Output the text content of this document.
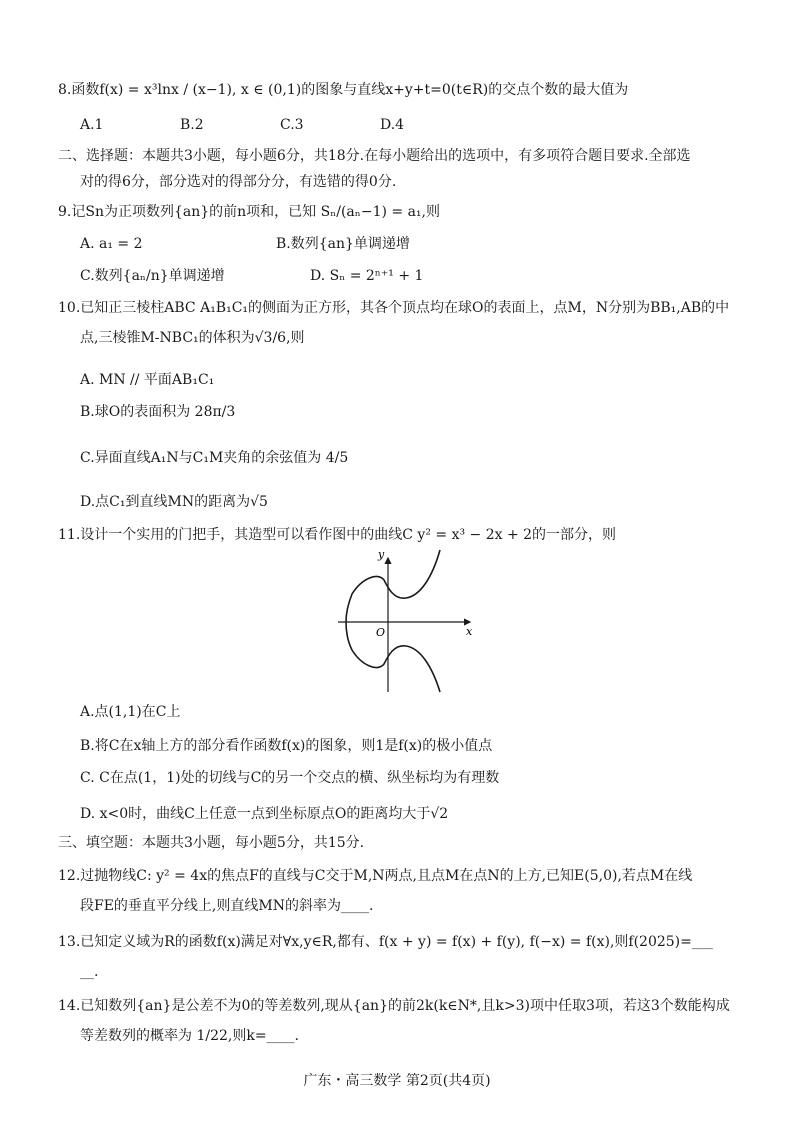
8.函数f(x) = x³lnx / (x−1), x ∈ (0,1)的图象与直线x+y+t=0(t∈R)的交点个数的最大值为
A.1	B.2	C.3	D.4
二、选择题：本题共3小题，每小题6分，共18分.在每小题给出的选项中，有多项符合题目要求.全部选
对的得6分，部分选对的得部分分，有选错的得0分.
9.记Sn为正项数列{an}的前n项和，已知 Sₙ/(aₙ−1) = a₁,则
A. a₁ = 2	B.数列{an}单调递增
C.数列{aₙ/n}单调递增	D. Sₙ = 2ⁿ⁺¹ + 1
10.已知正三棱柱ABC A₁B₁C₁的侧面为正方形，其各个顶点均在球O的表面上，点M，N分别为BB₁,AB的中
点,三棱锥M-NBC₁的体积为√3/6,则
A. MN // 平面AB₁C₁
B.球O的表面积为 28π/3
C.异面直线A₁N与C₁M夹角的余弦值为 4/5
D.点C₁到直线MN的距离为√5
11.设计一个实用的门把手，其造型可以看作图中的曲线C y² = x³ − 2x + 2的一部分，则
y
x
O
A.点(1,1)在C上
B.将C在x轴上方的部分看作函数f(x)的图象，则1是f(x)的极小值点
C. C在点(1，1)处的切线与C的另一个交点的横、纵坐标均为有理数
D. x<0时，曲线C上任意一点到坐标原点O的距离均大于√2
三、填空题：本题共3小题，每小题5分，共15分.
12.过抛物线C: y² = 4x的焦点F的直线与C交于M,N两点,且点M在点N的上方,已知E(5,0),若点M在线
段FE的垂直平分线上,则直线MN的斜率为____.
13.已知定义域为R的函数f(x)满足对∀x,y∈R,都有、f(x + y) = f(x) + f(y), f(−x) = f(x),则f(2025)=___
__.
14.已知数列{an}是公差不为0的等差数列,现从{an}的前2k(k∈N*,且k>3)项中任取3项，若这3个数能构成
等差数列的概率为 1/22,则k=____.
广东・高三数学 第2页(共4页)
